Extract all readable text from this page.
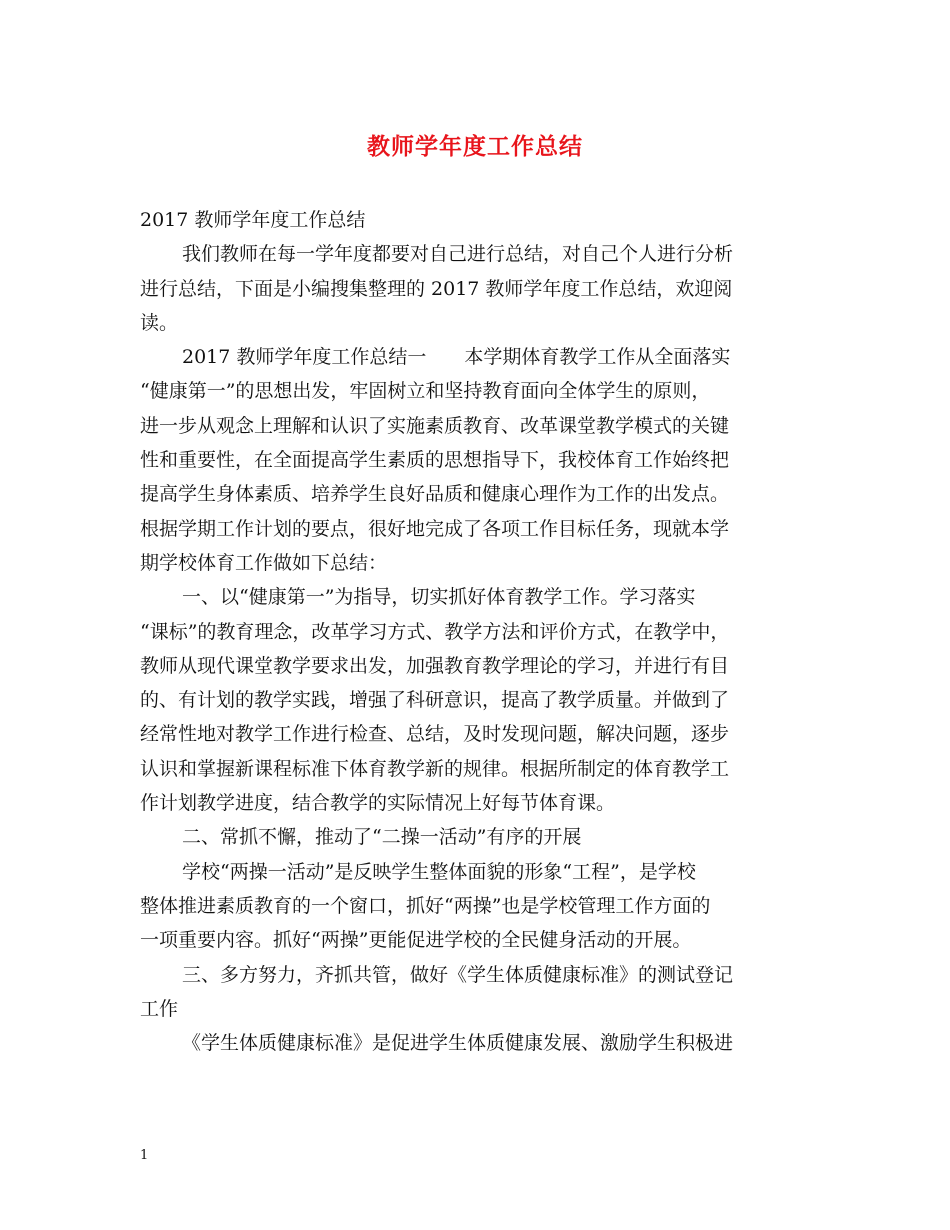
教师学年度工作总结
2017 教师学年度工作总结
我们教师在每一学年度都要对自己进行总结，对自己个人进行分析
进行总结，下面是小编搜集整理的 2017 教师学年度工作总结，欢迎阅
读。
2017 教师学年度工作总结一　　本学期体育教学工作从全面落实
“健康第一”的思想出发，牢固树立和坚持教育面向全体学生的原则，
进一步从观念上理解和认识了实施素质教育、改革课堂教学模式的关键
性和重要性，在全面提高学生素质的思想指导下，我校体育工作始终把
提高学生身体素质、培养学生良好品质和健康心理作为工作的出发点。
根据学期工作计划的要点，很好地完成了各项工作目标任务，现就本学
期学校体育工作做如下总结：
一、以“健康第一”为指导，切实抓好体育教学工作。学习落实
“课标”的教育理念，改革学习方式、教学方法和评价方式，在教学中，
教师从现代课堂教学要求出发，加强教育教学理论的学习，并进行有目
的、有计划的教学实践，增强了科研意识，提高了教学质量。并做到了
经常性地对教学工作进行检查、总结，及时发现问题，解决问题，逐步
认识和掌握新课程标准下体育教学新的规律。根据所制定的体育教学工
作计划教学进度，结合教学的实际情况上好每节体育课。
二、常抓不懈，推动了“二操一活动”有序的开展
学校“两操一活动”是反映学生整体面貌的形象“工程”，是学校
整体推进素质教育的一个窗口，抓好“两操”也是学校管理工作方面的
一项重要内容。抓好“两操”更能促进学校的全民健身活动的开展。
三、多方努力，齐抓共管，做好《学生体质健康标准》的测试登记
工作
《学生体质健康标准》是促进学生体质健康发展、激励学生积极进
1
